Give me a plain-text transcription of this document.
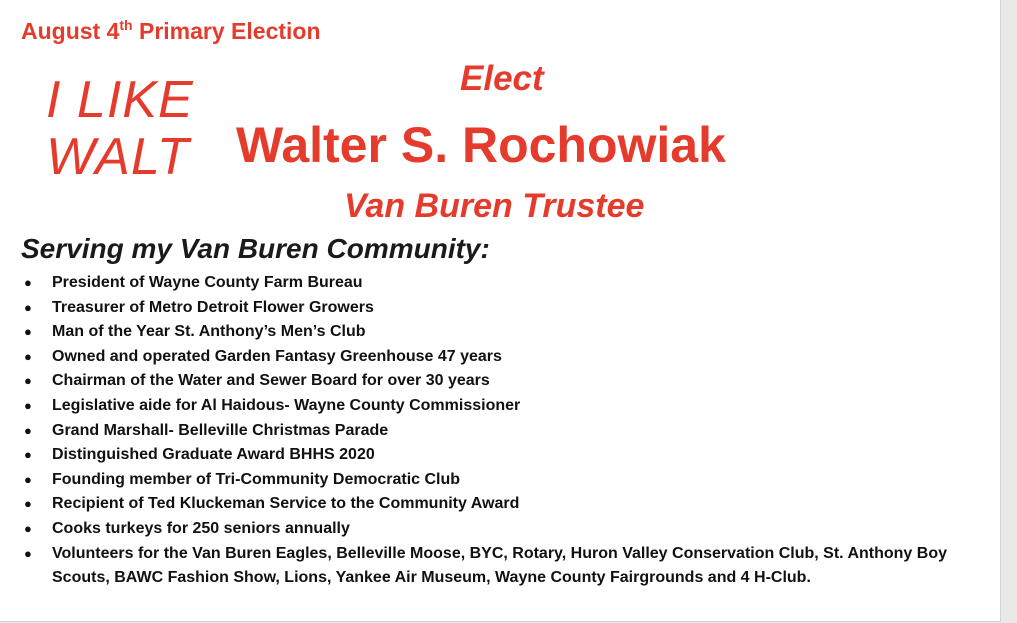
August 4th Primary Election
I LIKE
WALT
Elect
Walter S. Rochowiak
Van Buren Trustee
Serving my Van Buren Community:
● President of Wayne County Farm Bureau
● Treasurer of Metro Detroit Flower Growers
● Man of the Year St. Anthony’s Men’s Club
● Owned and operated Garden Fantasy Greenhouse 47 years
● Chairman of the Water and Sewer Board for over 30 years
● Legislative aide for Al Haidous- Wayne County Commissioner
● Grand Marshall- Belleville Christmas Parade
● Distinguished Graduate Award BHHS 2020
● Founding member of Tri-Community Democratic Club
● Recipient of Ted Kluckeman Service to the Community Award
● Cooks turkeys for 250 seniors annually
● Volunteers for the Van Buren Eagles, Belleville Moose, BYC, Rotary, Huron Valley Conservation Club, St. Anthony Boy Scouts, BAWC Fashion Show, Lions, Yankee Air Museum, Wayne County Fairgrounds and 4 H-Club.
